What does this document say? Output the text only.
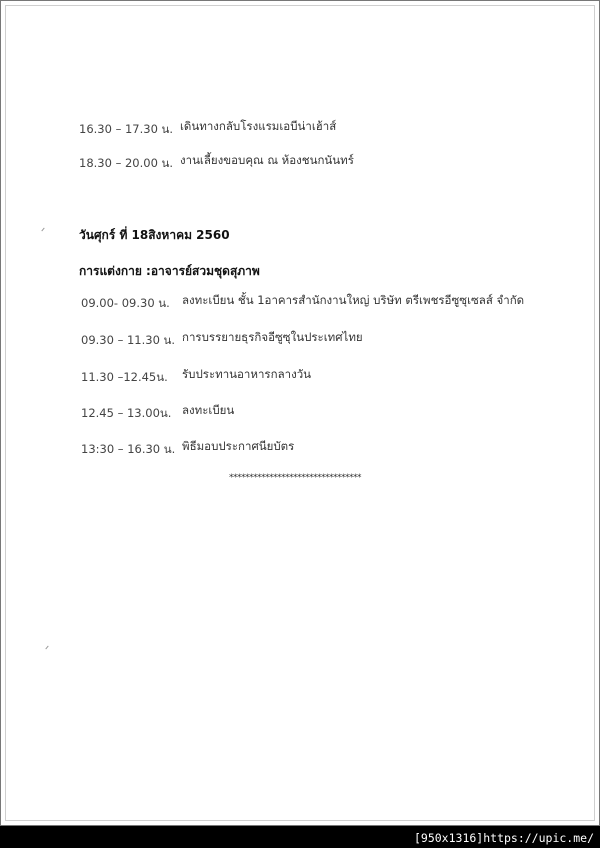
16.30 – 17.30 น. เดินทางกลับโรงแรมเอบีน่าเฮ้าส์
18.30 – 20.00 น. งานเลี้ยงขอบคุณ ณ ห้องชนกนันทร์
วันศุกร์ ที่ 18สิงหาคม 2560
การแต่งกาย :อาจารย์สวมชุดสุภาพ
09.00- 09.30 น. ลงทะเบียน ชั้น 1อาคารสำนักงานใหญ่ บริษัท ตรีเพชรอีซูซุเซลส์ จำกัด
09.30 – 11.30 น. การบรรยายธุรกิจอีซูซุในประเทศไทย
11.30 –12.45น. รับประทานอาหารกลางวัน
12.45 – 13.00น. ลงทะเบียน
13:30 – 16.30 น. พิธีมอบประกาศนียบัตร
*********************************
[950x1316]https://upic.me/
